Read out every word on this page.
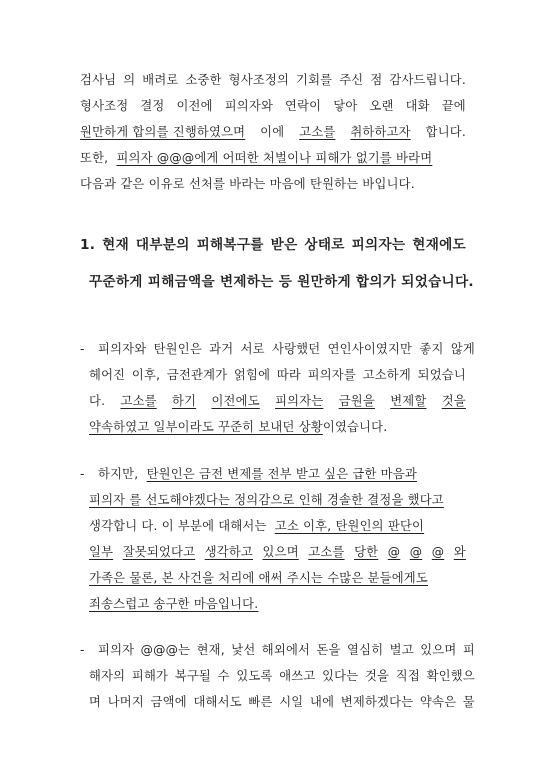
검사님 의 배려로 소중한 형사조정의 기회를 주신 점 감사드립니다.
형사조정 결정 이전에 피의자와 연락이 닿아 오랜 대화 끝에
원만하게 합의를 진행하였으며 이에 고소를 취하하고자 합니다.
또한, 피의자 @@@에게 어떠한 처벌이나 피해가 없기를 바라며
다음과 같은 이유로 선처를 바라는 마음에 탄원하는 바입니다.
1. 현재 대부분의 피해복구를 받은 상태로 피의자는 현재에도
꾸준하게 피해금액을 변제하는 등 원만하게 합의가 되었습니다.
- 피의자와 탄원인은 과거 서로 사랑했던 연인사이였지만 좋지 않게
헤어진 이후, 금전관계가 얽힘에 따라 피의자를 고소하게 되었습니
다. 고소를 하기 이전에도 피의자는 금원을 변제할 것을
약속하였고 일부이라도 꾸준히 보내던 상황이였습니다.
- 하지만, 탄원인은 금전 변제를 전부 받고 싶은 급한 마음과
피의자 를 선도해야겠다는 정의감으로 인해 경솔한 결정을 했다고
생각합니 다. 이 부분에 대해서는 고소 이후, 탄원인의 판단이
일부 잘못되었다고 생각하고 있으며 고소를 당한 @ @ @ 와
가족은 물론, 본 사건을 처리에 애써 주시는 수많은 분들에게도
죄송스럽고 송구한 마음입니다.
- 피의자 @@@는 현재, 낯선 해외에서 돈을 열심히 벌고 있으며 피
해자의 피해가 복구될 수 있도록 애쓰고 있다는 것을 직접 확인했으
며 나머지 금액에 대해서도 빠른 시일 내에 변제하겠다는 약속은 물
